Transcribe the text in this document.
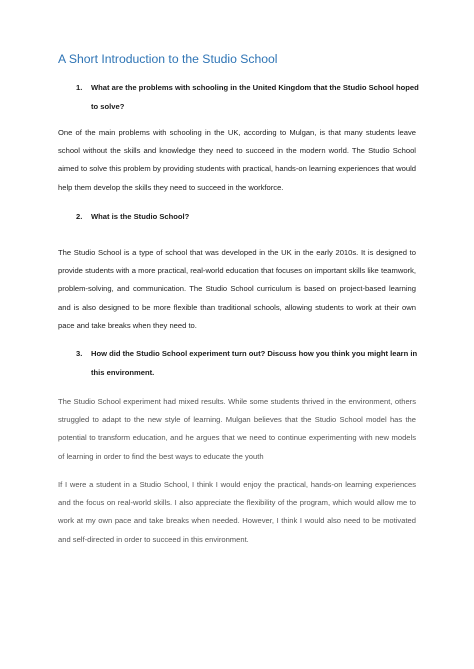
A Short Introduction to the Studio School
1. What are the problems with schooling in the United Kingdom that the Studio School hoped to solve?

One of the main problems with schooling in the UK, according to Mulgan, is that many students leave school without the skills and knowledge they need to succeed in the modern world. The Studio School aimed to solve this problem by providing students with practical, hands-on learning experiences that would help them develop the skills they need to succeed in the workforce.

2. What is the Studio School?

The Studio School is a type of school that was developed in the UK in the early 2010s. It is designed to provide students with a more practical, real-world education that focuses on important skills like teamwork, problem-solving, and communication. The Studio School curriculum is based on project-based learning and is also designed to be more flexible than traditional schools, allowing students to work at their own pace and take breaks when they need to.

3. How did the Studio School experiment turn out? Discuss how you think you might learn in this environment.

The Studio School experiment had mixed results. While some students thrived in the environment, others struggled to adapt to the new style of learning. Mulgan believes that the Studio School model has the potential to transform education, and he argues that we need to continue experimenting with new models of learning in order to find the best ways to educate the youth

If I were a student in a Studio School, I think I would enjoy the practical, hands-on learning experiences and the focus on real-world skills. I also appreciate the flexibility of the program, which would allow me to work at my own pace and take breaks when needed. However, I think I would also need to be motivated and self-directed in order to succeed in this environment.
